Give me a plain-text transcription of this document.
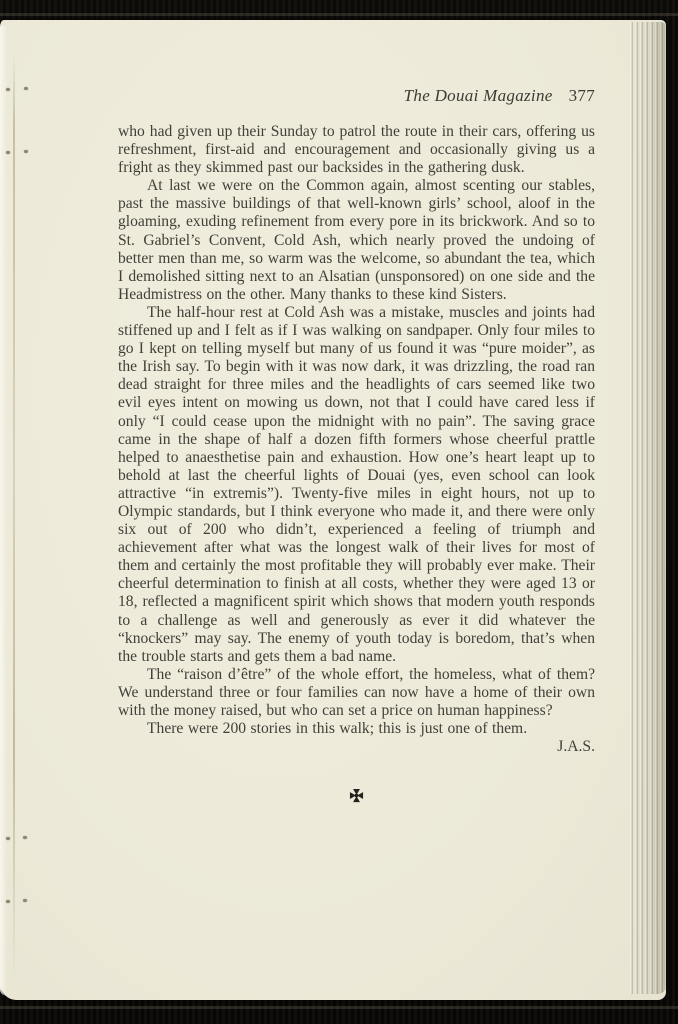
The Douai Magazine 377

who had given up their Sunday to patrol the route in their cars, offering us refreshment, first-aid and encouragement and occasionally giving us a fright as they skimmed past our backsides in the gathering dusk.

At last we were on the Common again, almost scenting our stables, past the massive buildings of that well-known girls’ school, aloof in the gloaming, exuding refinement from every pore in its brickwork. And so to St. Gabriel’s Convent, Cold Ash, which nearly proved the undoing of better men than me, so warm was the welcome, so abundant the tea, which I demolished sitting next to an Alsatian (unsponsored) on one side and the Headmistress on the other. Many thanks to these kind Sisters.

The half-hour rest at Cold Ash was a mistake, muscles and joints had stiffened up and I felt as if I was walking on sandpaper. Only four miles to go I kept on telling myself but many of us found it was “pure moider”, as the Irish say. To begin with it was now dark, it was drizzling, the road ran dead straight for three miles and the headlights of cars seemed like two evil eyes intent on mowing us down, not that I could have cared less if only “I could cease upon the midnight with no pain”. The saving grace came in the shape of half a dozen fifth formers whose cheerful prattle helped to anaesthetise pain and exhaustion. How one’s heart leapt up to behold at last the cheerful lights of Douai (yes, even school can look attractive “in extremis”). Twenty-five miles in eight hours, not up to Olympic standards, but I think everyone who made it, and there were only six out of 200 who didn’t, experienced a feeling of triumph and achievement after what was the longest walk of their lives for most of them and certainly the most profitable they will probably ever make. Their cheerful determination to finish at all costs, whether they were aged 13 or 18, reflected a magnificent spirit which shows that modern youth responds to a challenge as well and generously as ever it did whatever the “knockers” may say. The enemy of youth today is boredom, that’s when the trouble starts and gets them a bad name.

The “raison d’être” of the whole effort, the homeless, what of them? We understand three or four families can now have a home of their own with the money raised, but who can set a price on human happiness?

There were 200 stories in this walk; this is just one of them.

J.A.S.
